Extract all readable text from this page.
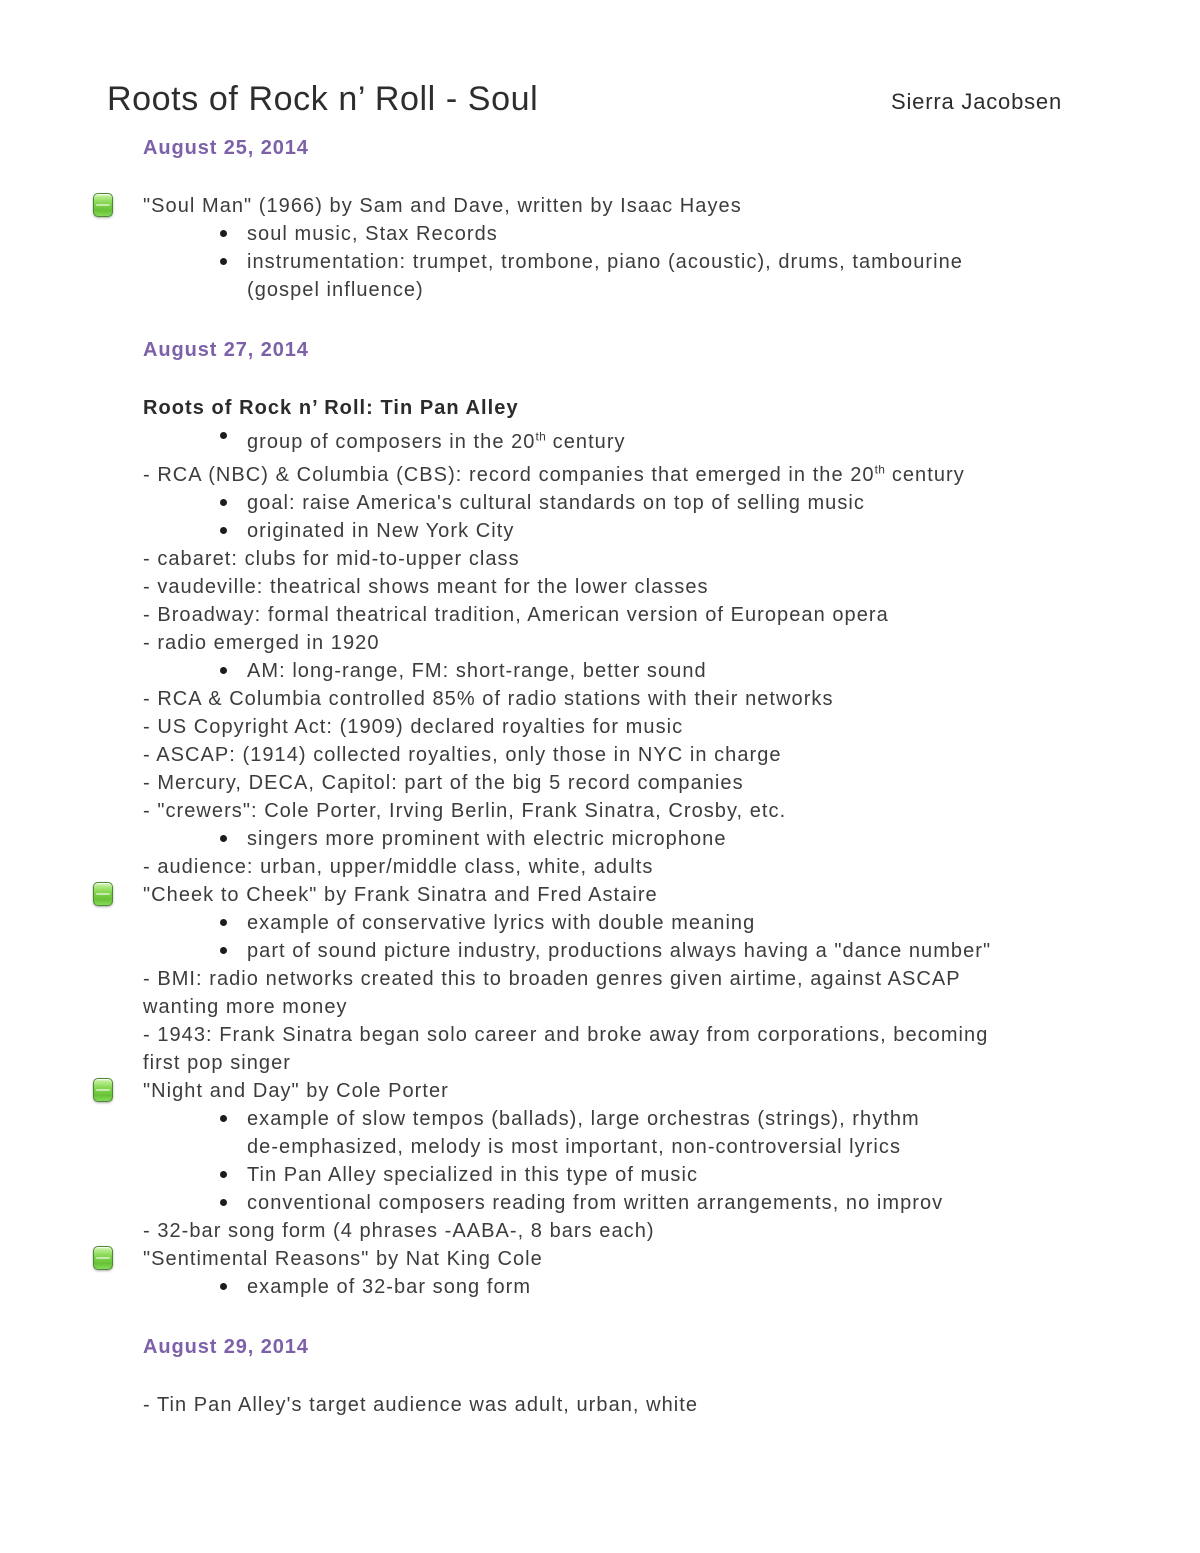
Roots of Rock n’ Roll - Soul	Sierra Jacobsen
August 25, 2014
"Soul Man" (1966) by Sam and Dave, written by Isaac Hayes
soul music, Stax Records
instrumentation: trumpet, trombone, piano (acoustic), drums, tambourine
(gospel influence)
August 27, 2014
Roots of Rock n’ Roll: Tin Pan Alley
group of composers in the 20th century
- RCA (NBC) & Columbia (CBS): record companies that emerged in the 20th century
goal: raise America's cultural standards on top of selling music
originated in New York City
- cabaret: clubs for mid-to-upper class
- vaudeville: theatrical shows meant for the lower classes
- Broadway: formal theatrical tradition, American version of European opera
- radio emerged in 1920
AM: long-range, FM: short-range, better sound
- RCA & Columbia controlled 85% of radio stations with their networks
- US Copyright Act: (1909) declared royalties for music
- ASCAP: (1914) collected royalties, only those in NYC in charge
- Mercury, DECA, Capitol: part of the big 5 record companies
- "crewers": Cole Porter, Irving Berlin, Frank Sinatra, Crosby, etc.
singers more prominent with electric microphone
- audience: urban, upper/middle class, white, adults
"Cheek to Cheek" by Frank Sinatra and Fred Astaire
example of conservative lyrics with double meaning
part of sound picture industry, productions always having a "dance number"
- BMI: radio networks created this to broaden genres given airtime, against ASCAP
wanting more money
- 1943: Frank Sinatra began solo career and broke away from corporations, becoming
first pop singer
"Night and Day" by Cole Porter
example of slow tempos (ballads), large orchestras (strings), rhythm
de-emphasized, melody is most important, non-controversial lyrics
Tin Pan Alley specialized in this type of music
conventional composers reading from written arrangements, no improv
- 32-bar song form (4 phrases -AABA-, 8 bars each)
"Sentimental Reasons" by Nat King Cole
example of 32-bar song form
August 29, 2014
- Tin Pan Alley's target audience was adult, urban, white
